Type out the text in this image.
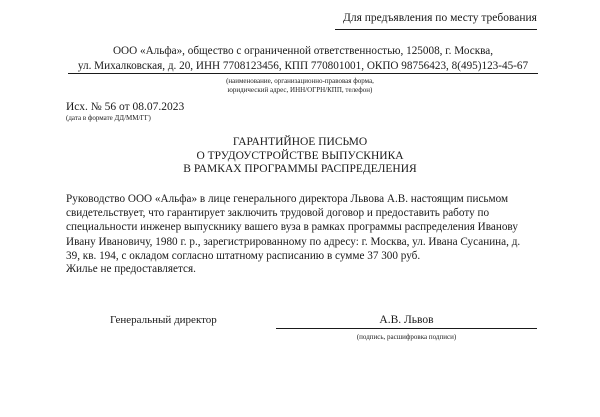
Для предъявления по месту требования
ООО «Альфа», общество с ограниченной ответственностью, 125008, г. Москва,
ул. Михалковская, д. 20, ИНН 7708123456, КПП 770801001, ОКПО 98756423, 8(495)123-45-67
(наименование, организационно-правовая форма,
юридический адрес, ИНН/ОГРН/КПП, телефон)
Исх. № 56 от 08.07.2023
(дата в формате ДД/ММ/ГГ)
ГАРАНТИЙНОЕ ПИСЬМО
О ТРУДОУСТРОЙСТВЕ ВЫПУСКНИКА
В РАМКАХ ПРОГРАММЫ РАСПРЕДЕЛЕНИЯ

Руководство ООО «Альфа» в лице генерального директора Львова А.В. настоящим письмом

свидетельствует, что гарантирует заключить трудовой договор и предоставить работу по

специальности инженер выпускнику вашего вуза в рамках программы распределения Иванову

Ивану Ивановичу, 1980 г. р., зарегистрированному по адресу: г. Москва, ул. Ивана Сусанина, д.

39, кв. 194, с окладом согласно штатному расписанию в сумме 37 300 руб.

Жилье не предоставляется.
Генеральный директор	А.В. Львов
(подпись, расшифровка подписи)
